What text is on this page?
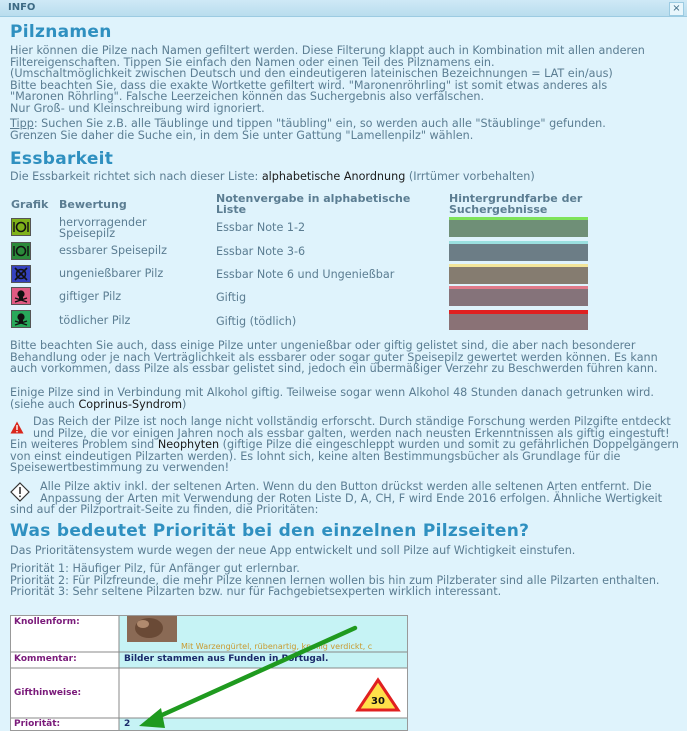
INFO	×
Pilznamen
Hier können die Pilze nach Namen gefiltert werden. Diese Filterung klappt auch in Kombination mit allen anderen
Filtereigenschaften. Tippen Sie einfach den Namen oder einen Teil des Pilznamens ein.
(Umschaltmöglichkeit zwischen Deutsch und den eindeutigeren lateinischen Bezeichnungen = LAT ein/aus)
Bitte beachten Sie, dass die exakte Wortkette gefiltert wird. "Maronenröhrling" ist somit etwas anderes als
"Maronen Röhrling". Falsche Leerzeichen können das Suchergebnis also verfälschen.
Nur Groß- und Kleinschreibung wird ignoriert.
Tipp: Suchen Sie z.B. alle Täublinge und tippen "täubling" ein, so werden auch alle "Stäublinge" gefunden.
Grenzen Sie daher die Suche ein, in dem Sie unter Gattung "Lamellenpilz" wählen.
Essbarkeit
Die Essbarkeit richtet sich nach dieser Liste: alphabetische Anordnung (Irrtümer vorbehalten)
Grafik Bewertung	Notenvergabe in alphabetische Liste
Hintergrundfarbe der Suchergebnisse
hervorragender Speisepilz	Essbar Note 1-2
essbarer Speisepilz	Essbar Note 3-6
ungenießbarer Pilz	Essbar Note 6 und Ungenießbar
giftiger Pilz	Giftig
tödlicher Pilz	Giftig (tödlich)
Bitte beachten Sie auch, dass einige Pilze unter ungenießbar oder giftig gelistet sind, die aber nach besonderer
Behandlung oder je nach Verträglichkeit als essbarer oder sogar guter Speisepilz gewertet werden können. Es kann
auch vorkommen, dass Pilze als essbar gelistet sind, jedoch ein übermäßiger Verzehr zu Beschwerden führen kann.
Einige Pilze sind in Verbindung mit Alkohol giftig. Teilweise sogar wenn Alkohol 48 Stunden danach getrunken wird.
(siehe auch Coprinus-Syndrom)
Das Reich der Pilze ist noch lange nicht vollständig erforscht. Durch ständige Forschung werden Pilzgifte entdeckt
und Pilze, die vor einigen Jahren noch als essbar galten, werden nach neusten Erkenntnissen als giftig eingestuft!
Ein weiteres Problem sind Neophyten (giftige Pilze die eingeschleppt wurden und somit zu gefährlichen Doppelgängern
von einst eindeutigen Pilzarten werden). Es lohnt sich, keine alten Bestimmungsbücher als Grundlage für die
Speisewertbestimmung zu verwenden!
Alle Pilze aktiv inkl. der seltenen Arten. Wenn du den Button drückst werden alle seltenen Arten entfernt. Die
Anpassung der Arten mit Verwendung der Roten Liste D, A, CH, F wird Ende 2016 erfolgen. Ähnliche Wertigkeit
sind auf der Pilzportrait-Seite zu finden, die Prioritäten:
Was bedeutet Priorität bei den einzelnen Pilzseiten?
Das Prioritätensystem wurde wegen der neue App entwickelt und soll Pilze auf Wichtigkeit einstufen.
Priorität 1: Häufiger Pilz, für Anfänger gut erlernbar.
Priorität 2: Für Pilzfreunde, die mehr Pilze kennen lernen wollen bis hin zum Pilzberater sind alle Pilzarten enthalten.
Priorität 3: Sehr seltene Pilzarten bzw. nur für Fachgebietsexperten wirklich interessant.
Knollenform:
Mit Warzengürtel, rübenartig, knollig verdickt, c
Kommentar:	Bilder stammen aus Funden in Portugal.
Gifthinweise:
30
Priorität:	2
